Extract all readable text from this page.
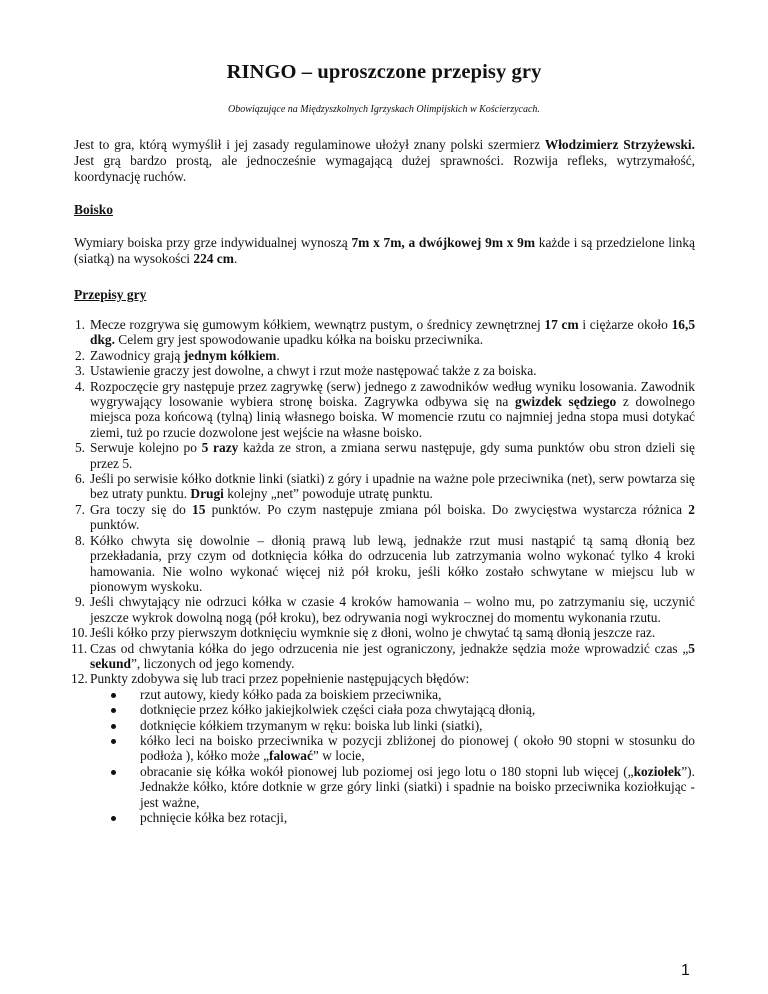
RINGO – uproszczone przepisy gry
Obowiązujące na Międzyszkolnych Igrzyskach Olimpijskich w Kościerzycach.

Jest to gra, którą wymyślił i jej zasady regulaminowe ułożył znany polski szermierz Włodzimierz Strzyżewski. Jest grą bardzo prostą, ale jednocześnie wymagającą dużej sprawności. Rozwija refleks, wytrzymałość, koordynację ruchów.

Boisko

Wymiary boiska przy grze indywidualnej wynoszą 7m x 7m, a dwójkowej 9m x 9m każde i są przedzielone linką (siatką) na wysokości 224 cm.

Przepisy gry
1. Mecze rozgrywa się gumowym kółkiem, wewnątrz pustym, o średnicy zewnętrznej 17 cm i ciężarze około 16,5 dkg. Celem gry jest spowodowanie upadku kółka na boisku przeciwnika.
2. Zawodnicy grają jednym kółkiem.
3. Ustawienie graczy jest dowolne, a chwyt i rzut może następować także z za boiska.
4. Rozpoczęcie gry następuje przez zagrywkę (serw) jednego z zawodników według wyniku losowania. Zawodnik wygrywający losowanie wybiera stronę boiska. Zagrywka odbywa się na gwizdek sędziego z dowolnego miejsca poza końcową (tylną) linią własnego boiska. W momencie rzutu co najmniej jedna stopa musi dotykać ziemi, tuż po rzucie dozwolone jest wejście na własne boisko.
5. Serwuje kolejno po 5 razy każda ze stron, a zmiana serwu następuje, gdy suma punktów obu stron dzieli się przez 5.
6. Jeśli po serwisie kółko dotknie linki (siatki) z góry i upadnie na ważne pole przeciwnika (net), serw powtarza się bez utraty punktu. Drugi kolejny „net” powoduje utratę punktu.
7. Gra toczy się do 15 punktów. Po czym następuje zmiana pól boiska. Do zwycięstwa wystarcza różnica 2 punktów.
8. Kółko chwyta się dowolnie – dłonią prawą lub lewą, jednakże rzut musi nastąpić tą samą dłonią bez przekładania, przy czym od dotknięcia kółka do odrzucenia lub zatrzymania wolno wykonać tylko 4 kroki hamowania. Nie wolno wykonać więcej niż pół kroku, jeśli kółko zostało schwytane w miejscu lub w pionowym wyskoku.
9. Jeśli chwytający nie odrzuci kółka w czasie 4 kroków hamowania – wolno mu, po zatrzymaniu się, uczynić jeszcze wykrok dowolną nogą (pół kroku), bez odrywania nogi wykrocznej do momentu wykonania rzutu.
10. Jeśli kółko przy pierwszym dotknięciu wymknie się z dłoni, wolno je chwytać tą samą dłonią jeszcze raz.
11. Czas od chwytania kółka do jego odrzucenia nie jest ograniczony, jednakże sędzia może wprowadzić czas „5 sekund”, liczonych od jego komendy.
12. Punkty zdobywa się lub traci przez popełnienie następujących błędów:
rzut autowy, kiedy kółko pada za boiskiem przeciwnika,
dotknięcie przez kółko jakiejkolwiek części ciała poza chwytającą dłonią,
dotknięcie kółkiem trzymanym w ręku: boiska lub linki (siatki),
kółko leci na boisko przeciwnika w pozycji zbliżonej do pionowej ( około 90 stopni w stosunku do podłoża ), kółko może „falować” w locie,
obracanie się kółka wokół pionowej lub poziomej osi jego lotu o 180 stopni lub więcej („koziołek”). Jednakże kółko, które dotknie w grze góry linki (siatki) i spadnie na boisko przeciwnika koziołkując - jest ważne,
pchnięcie kółka bez rotacji,
1
